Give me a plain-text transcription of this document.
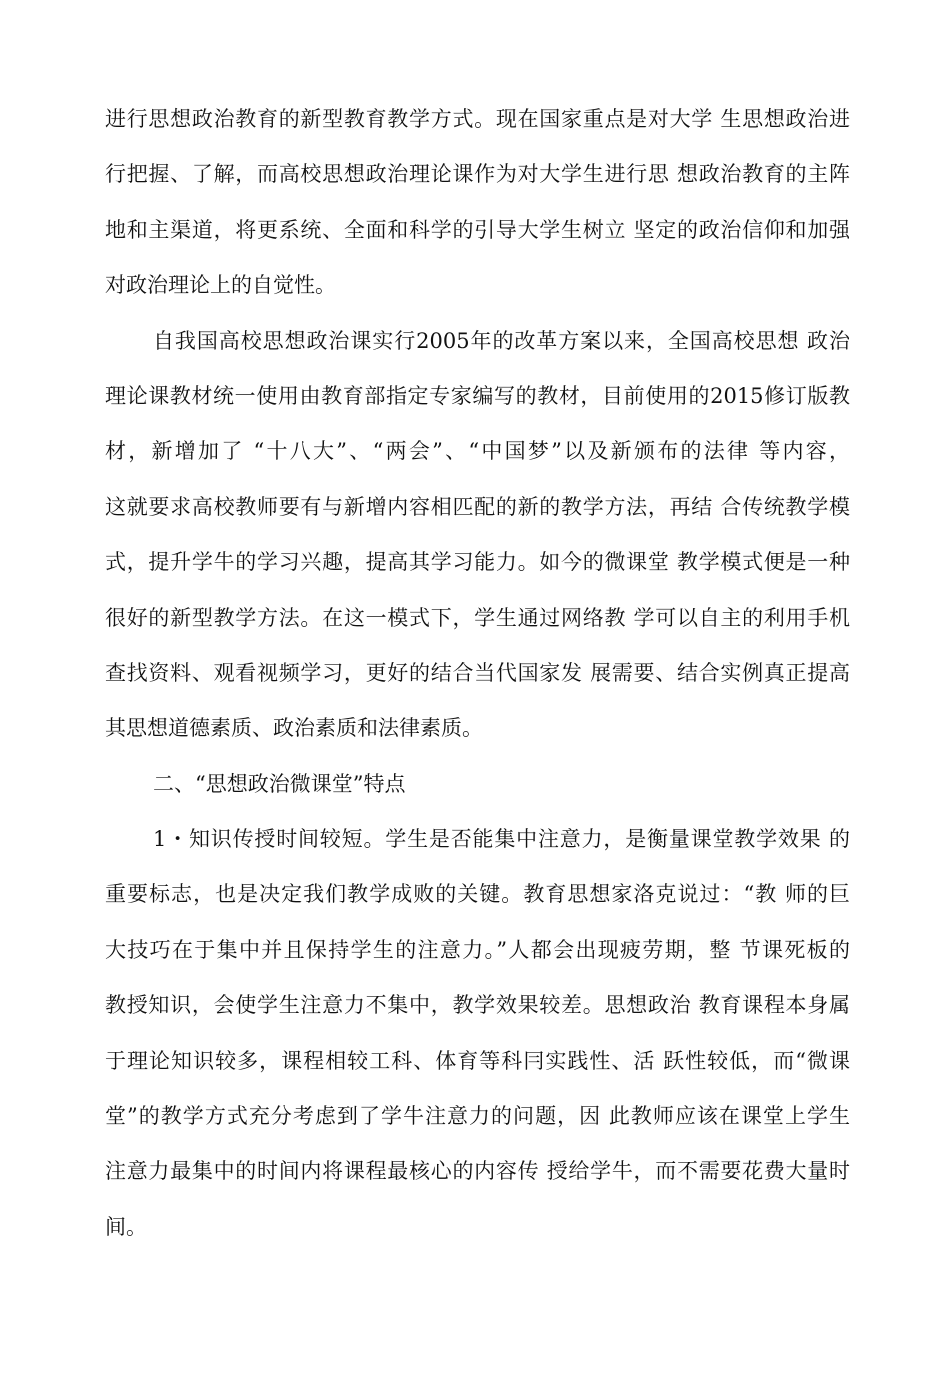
进行思想政治教育的新型教育教学方式。现在国家重点是对大学 生思想政治进
行把握、了解，而高校思想政治理论课作为对大学生进行思 想政治教育的主阵
地和主渠道，将更系统、全面和科学的引导大学生树立 坚定的政治信仰和加强
对政治理论上的自觉性。
自我国高校思想政治课实行2005年的改革方案以来，全国高校思想 政治
理论课教材统一使用由教育部指定专家编写的教材，目前使用的2015修订版教
材，新增加了 “十八大”、“两会”、“中国梦”以及新颁布的法律 等内容，
这就要求高校教师要有与新增内容相匹配的新的教学方法，再结 合传统教学模
式，提升学牛的学习兴趣，提高其学习能力。如今的微课堂 教学模式便是一种
很好的新型教学方法。在这一模式下，学生通过网络教 学可以自主的利用手机
查找资料、观看视频学习，更好的结合当代国家发 展需要、结合实例真正提高
其思想道德素质、政治素质和法律素质。
二、“思想政治微课堂”特点
1・知识传授时间较短。学生是否能集中注意力，是衡量课堂教学效果 的
重要标志，也是决定我们教学成败的关键。教育思想家洛克说过：“教 师的巨
大技巧在于集中并且保持学生的注意力。”人都会出现疲劳期，整 节课死板的
教授知识，会使学生注意力不集中，教学效果较差。思想政治 教育课程本身属
于理论知识较多，课程相较工科、体育等科冃实践性、活 跃性较低，而“微课
堂”的教学方式充分考虑到了学牛注意力的问题，因 此教师应该在课堂上学生
注意力最集中的时间内将课程最核心的内容传 授给学牛，而不需要花费大量时
间。
